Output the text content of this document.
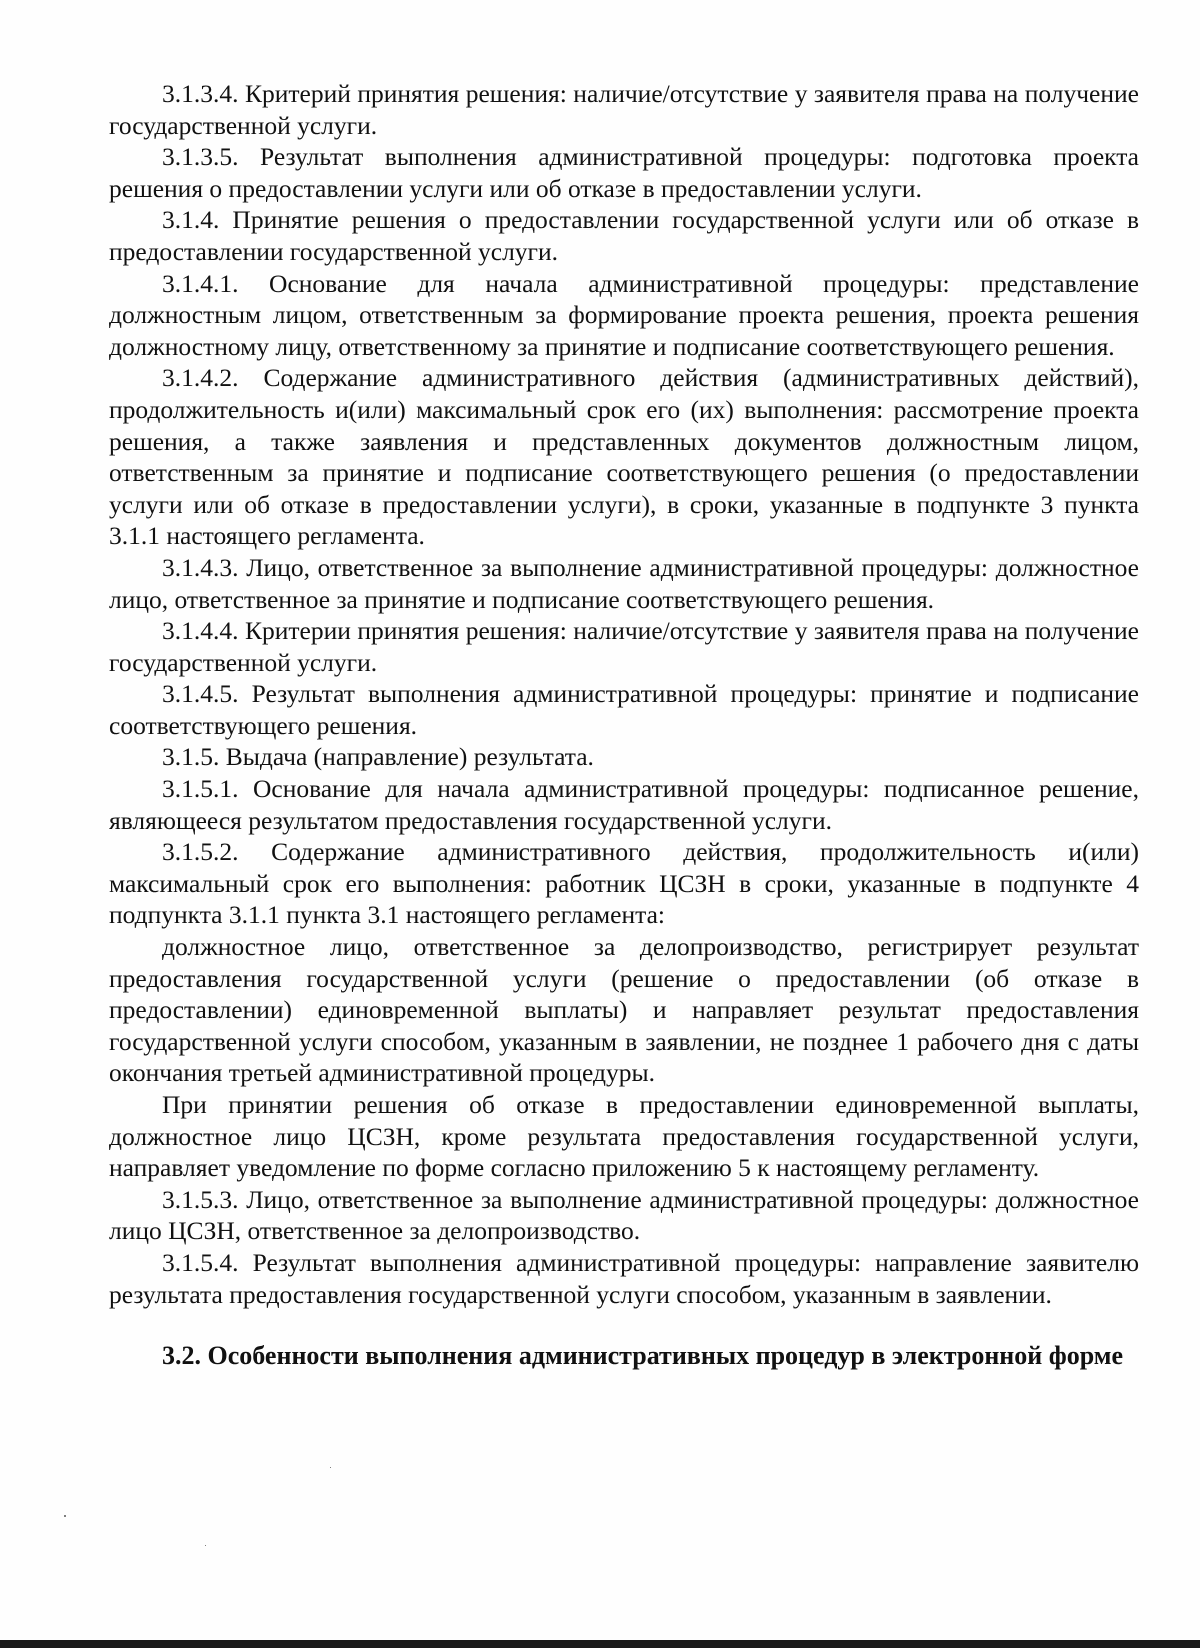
3.1.3.4. Критерий принятия решения: наличие/отсутствие у заявителя права на получение государственной услуги.

3.1.3.5. Результат выполнения административной процедуры: подготовка проекта решения о предоставлении услуги или об отказе в предоставлении услуги.

3.1.4. Принятие решения о предоставлении государственной услуги или об отказе в предоставлении государственной услуги.

3.1.4.1. Основание для начала административной процедуры: представление должностным лицом, ответственным за формирование проекта решения, проекта решения должностному лицу, ответственному за принятие и подписание соответствующего решения.

3.1.4.2. Содержание административного действия (административных действий), продолжительность и(или) максимальный срок его (их) выполнения: рассмотрение проекта решения, а также заявления и представленных документов должностным лицом, ответственным за принятие и подписание соответствующего решения (о предоставлении услуги или об отказе в предоставлении услуги), в сроки, указанные в подпункте 3 пункта 3.1.1 настоящего регламента.

3.1.4.3. Лицо, ответственное за выполнение административной процедуры: должностное лицо, ответственное за принятие и подписание соответствующего решения.

3.1.4.4. Критерии принятия решения: наличие/отсутствие у заявителя права на получение государственной услуги.

3.1.4.5. Результат выполнения административной процедуры: принятие и подписание соответствующего решения.

3.1.5. Выдача (направление) результата.

3.1.5.1. Основание для начала административной процедуры: подписанное решение, являющееся результатом предоставления государственной услуги.

3.1.5.2. Содержание административного действия, продолжительность и(или) максимальный срок его выполнения: работник ЦСЗН в сроки, указанные в подпункте 4 подпункта 3.1.1 пункта 3.1 настоящего регламента:

должностное лицо, ответственное за делопроизводство, регистрирует результат предоставления государственной услуги (решение о предоставлении (об отказе в предоставлении) единовременной выплаты) и направляет результат предоставления государственной услуги способом, указанным в заявлении, не позднее 1 рабочего дня с даты окончания третьей административной процедуры.

При принятии решения об отказе в предоставлении единовременной выплаты, должностное лицо ЦСЗН, кроме результата предоставления государственной услуги, направляет уведомление по форме согласно приложению 5 к настоящему регламенту.

3.1.5.3. Лицо, ответственное за выполнение административной процедуры: должностное лицо ЦСЗН, ответственное за делопроизводство.

3.1.5.4. Результат выполнения административной процедуры: направление заявителю результата предоставления государственной услуги способом, указанным в заявлении.

3.2. Особенности выполнения административных процедур в электронной форме
